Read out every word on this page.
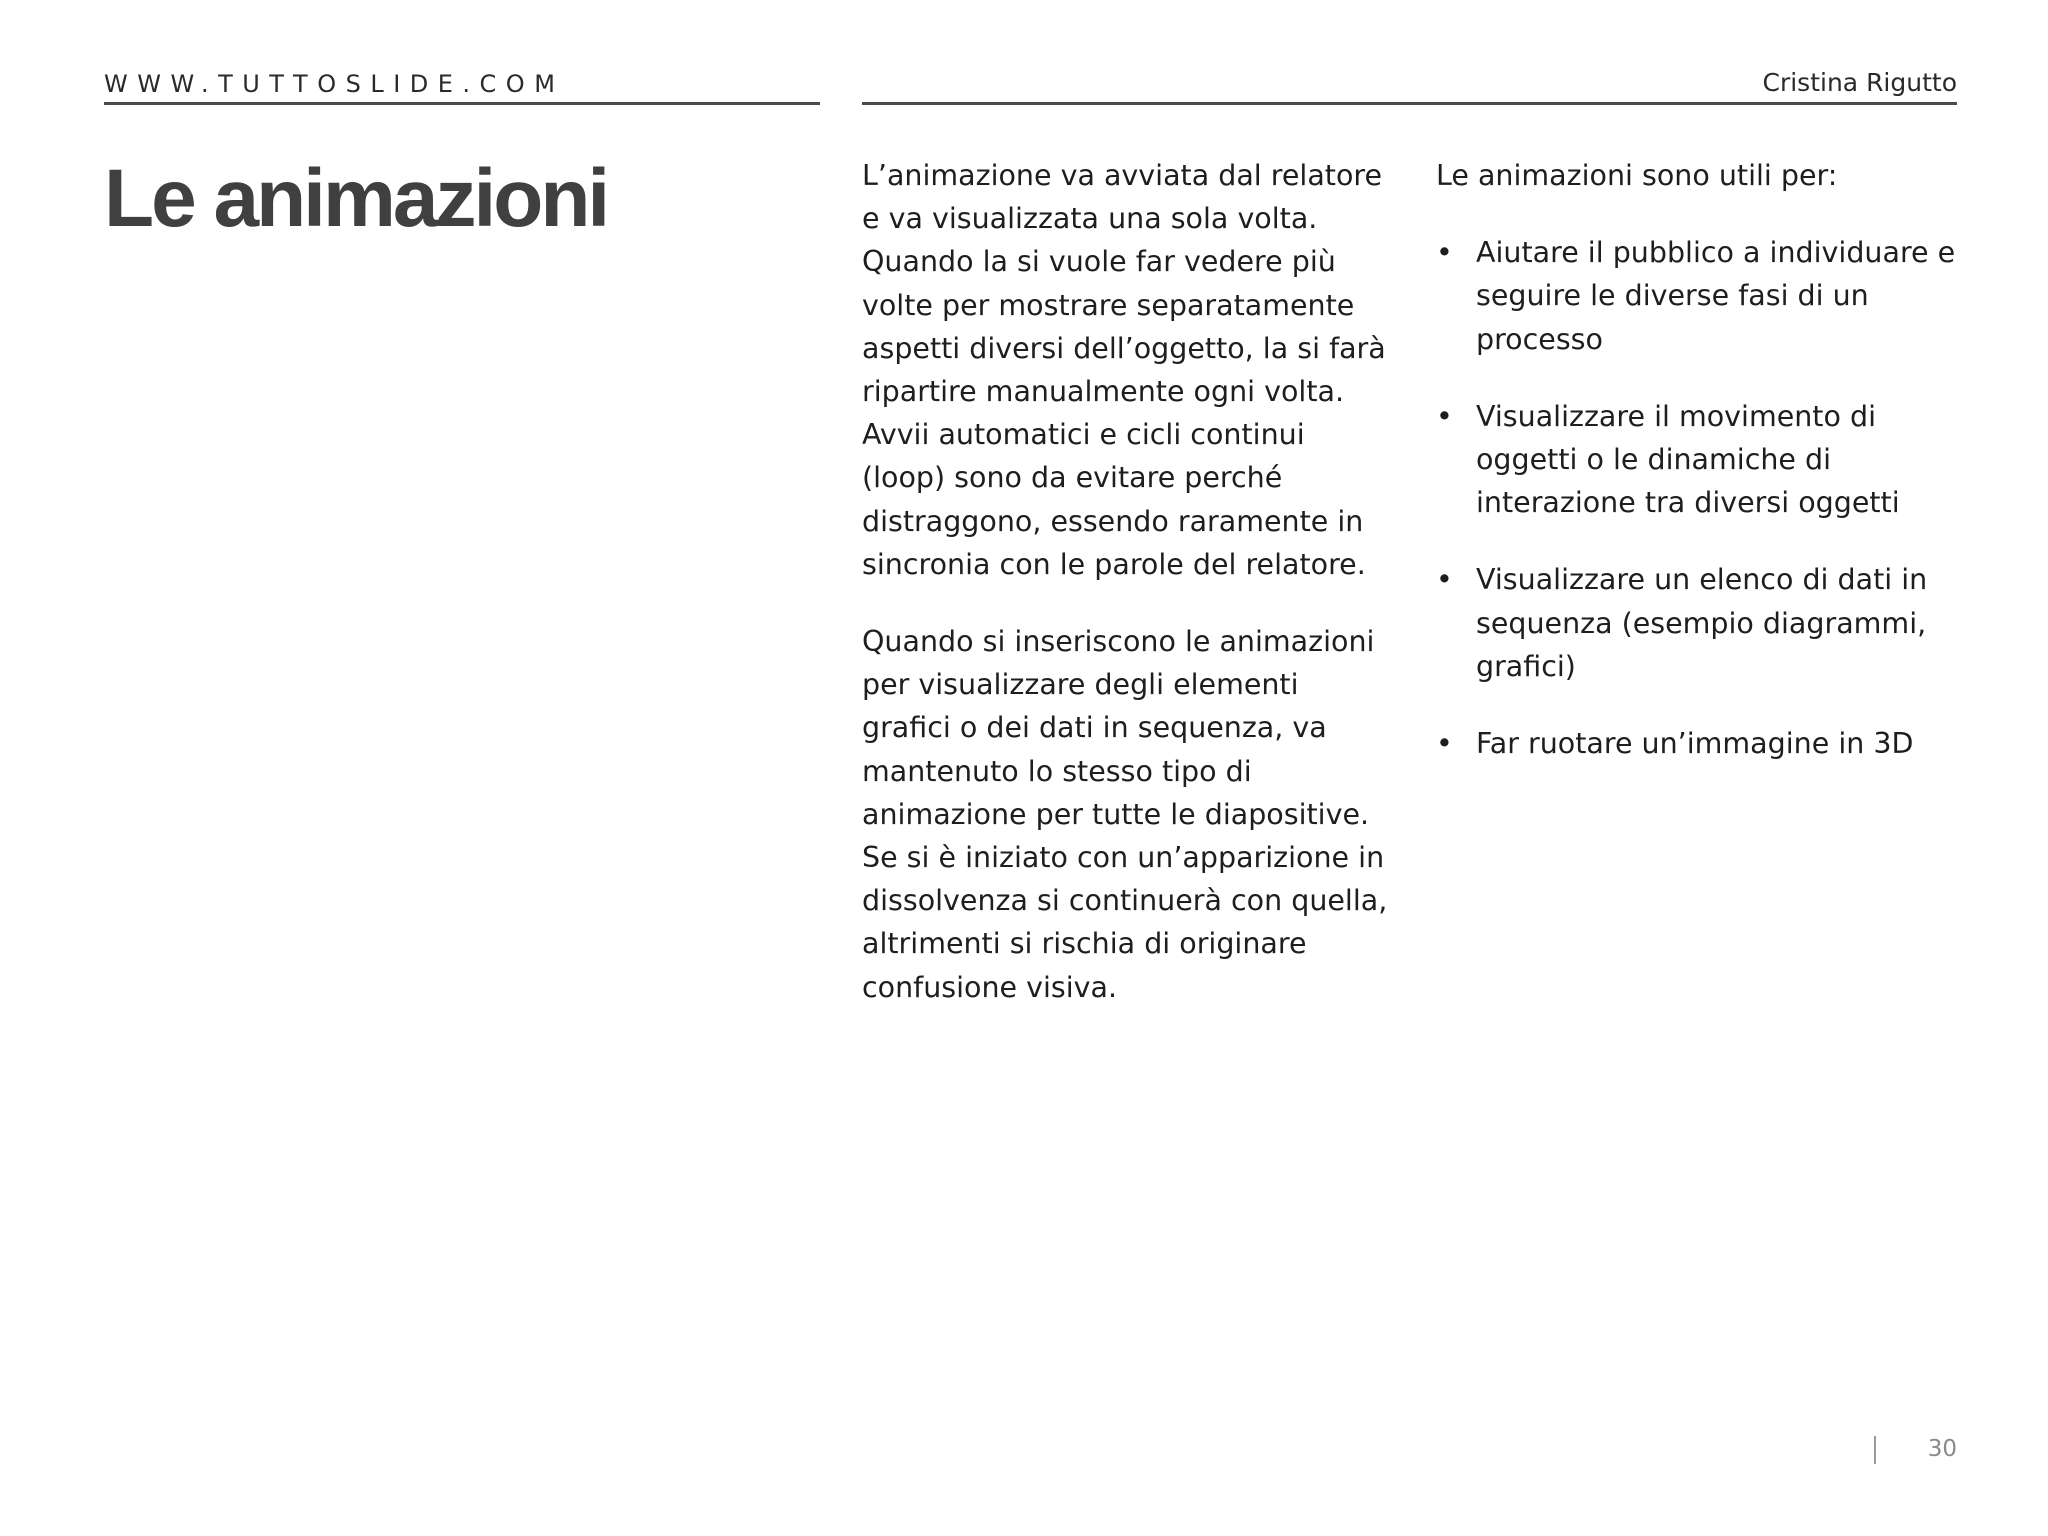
WWW.TUTTOSLIDE.COM	Cristina Rigutto
Le animazioni	L’animazione va avviata dal relatore e va visualizzata una sola volta. Quando la si vuole far vedere più volte per mostrare separatamente aspetti diversi dell’oggetto, la si farà ripartire manualmente ogni volta. Avvii automatici e cicli continui (loop) sono da evitare perché distraggono, essendo raramente in sincronia con le parole del relatore.

Quando si inseriscono le animazioni per visualizzare degli elementi grafici o dei dati in sequenza, va mantenuto lo stesso tipo di animazione per tutte le diapositive. Se si è iniziato con un’apparizione in dissolvenza si continuerà con quella, altrimenti si rischia di originare confusione visiva.

Le animazioni sono utili per:

• Aiutare il pubblico a individuare e seguire le diverse fasi di un processo
• Visualizzare il movimento di oggetti o le dinamiche di interazione tra diversi oggetti
• Visualizzare un elenco di dati in sequenza (esempio diagrammi, grafici)
• Far ruotare un’immagine in 3D
30
